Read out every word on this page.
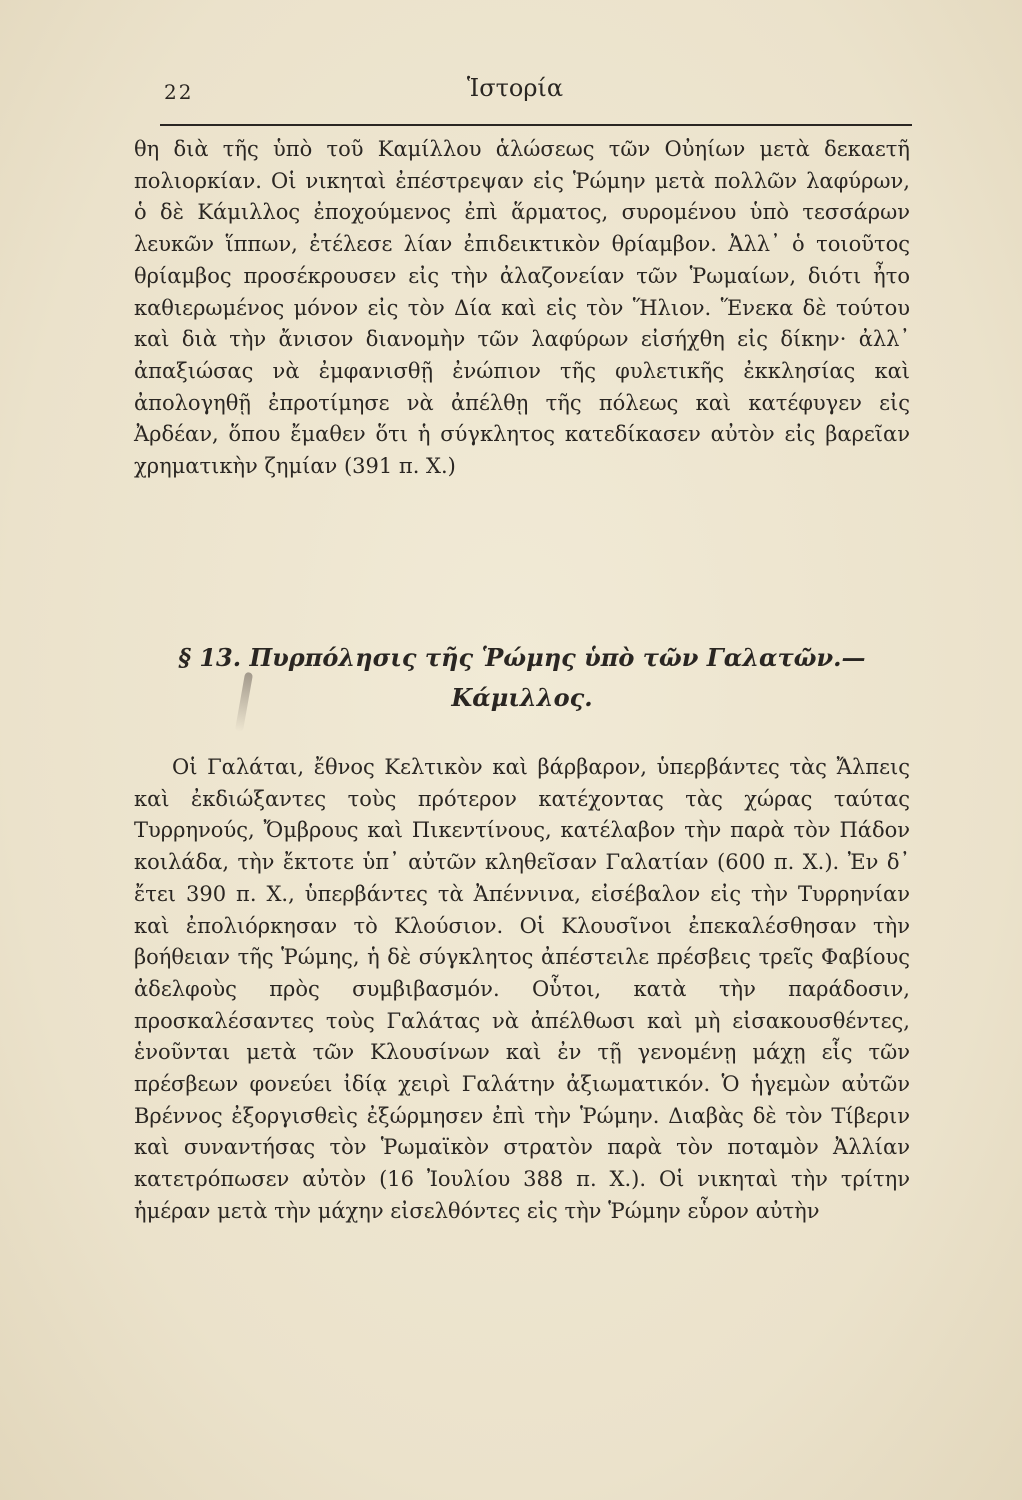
22	Ἱστορία

θη διὰ τῆς ὑπὸ τοῦ Καμίλλου ἁλώσεως τῶν Οὐηίων μετὰ δεκαετῆ πολιορκίαν. Οἱ νικηταὶ ἐπέστρεψαν εἰς Ῥώμην μετὰ πολλῶν λαφύρων, ὁ δὲ Κάμιλλος ἐποχούμενος ἐπὶ ἅρματος, συρομένου ὑπὸ τεσσάρων λευκῶν ἵππων, ἐτέλεσε λίαν ἐπιδεικτικὸν θρίαμβον. Ἀλλ᾽ ὁ τοιοῦτος θρίαμβος προσέκρουσεν εἰς τὴν ἀλαζονείαν τῶν Ῥωμαίων, διότι ἦτο καθιερωμένος μόνον εἰς τὸν Δία καὶ εἰς τὸν Ἥλιον. Ἕνεκα δὲ τούτου καὶ διὰ τὴν ἄνισον διανομὴν τῶν λαφύρων εἰσήχθη εἰς δίκην· ἀλλ᾽ ἀπαξιώσας νὰ ἐμφανισθῇ ἐνώπιον τῆς φυλετικῆς ἐκκλησίας καὶ ἀπολογηθῇ ἐπροτίμησε νὰ ἀπέλθῃ τῆς πόλεως καὶ κατέφυγεν εἰς Ἀρδέαν, ὅπου ἔμαθεν ὅτι ἡ σύγκλητος κατεδίκασεν αὐτὸν εἰς βαρεῖαν χρηματικὴν ζημίαν (391 π. Χ.)

§ 13. Πυρπόλησις τῆς Ῥώμης ὑπὸ τῶν Γαλατῶν.—
Κάμιλλος.

Οἱ Γαλάται, ἔθνος Κελτικὸν καὶ βάρβαρον, ὑπερβάντες τὰς Ἄλπεις καὶ ἐκδιώξαντες τοὺς πρότερον κατέχοντας τὰς χώρας ταύτας Τυρρηνούς, Ὄμβρους καὶ Πικεντίνους, κατέλαβον τὴν παρὰ τὸν Πάδον κοιλάδα, τὴν ἔκτοτε ὑπ᾽ αὐτῶν κληθεῖσαν Γαλατίαν (600 π. Χ.). Ἐν δ᾽ ἔτει 390 π. Χ., ὑπερβάντες τὰ Ἀπέννινα, εἰσέβαλον εἰς τὴν Τυρρηνίαν καὶ ἐπολιόρκησαν τὸ Κλούσιον. Οἱ Κλουσῖνοι ἐπεκαλέσθησαν τὴν βοήθειαν τῆς Ῥώμης, ἡ δὲ σύγκλητος ἀπέστειλε πρέσβεις τρεῖς Φαβίους ἀδελφοὺς πρὸς συμβιβασμόν. Οὗτοι, κατὰ τὴν παράδοσιν, προσκαλέσαντες τοὺς Γαλάτας νὰ ἀπέλθωσι καὶ μὴ εἰσακουσθέντες, ἑνοῦνται μετὰ τῶν Κλουσίνων καὶ ἐν τῇ γενομένῃ μάχῃ εἷς τῶν πρέσβεων φονεύει ἰδίᾳ χειρὶ Γαλάτην ἀξιωματικόν. Ὁ ἡγεμὼν αὐτῶν Βρέννος ἐξοργισθεὶς ἐξώρμησεν ἐπὶ τὴν Ῥώμην. Διαβὰς δὲ τὸν Τίβεριν καὶ συναντήσας τὸν Ῥωμαϊκὸν στρατὸν παρὰ τὸν ποταμὸν Ἀλλίαν κατετρόπωσεν αὐτὸν (16 Ἰουλίου 388 π. Χ.). Οἱ νικηταὶ τὴν τρίτην ἡμέραν μετὰ τὴν μάχην εἰσελθόντες εἰς τὴν Ῥώμην εὗρον αὐτὴν
